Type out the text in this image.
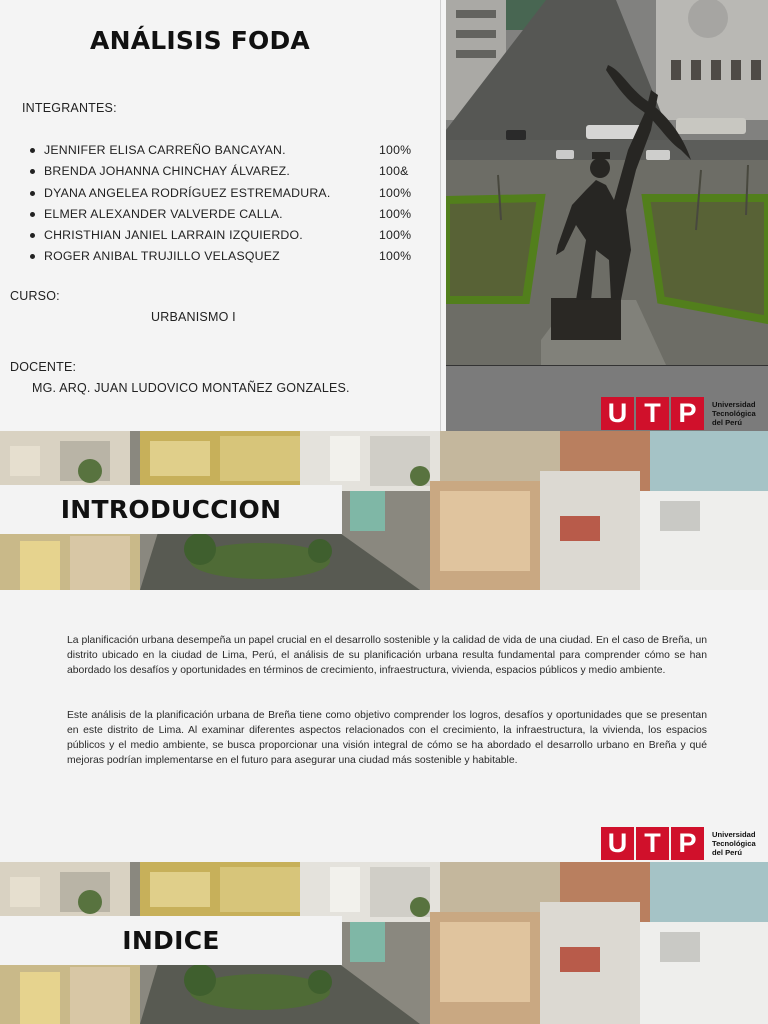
ANÁLISIS FODA
INTEGRANTES:
JENNIFER ELISA CARREÑO BANCAYAN.	100%
BRENDA JOHANNA CHINCHAY ÁLVAREZ.	100&
DYANA ANGELEA RODRÍGUEZ ESTREMADURA.	100%
ELMER ALEXANDER VALVERDE CALLA.	100%
CHRISTHIAN JANIEL LARRAIN IZQUIERDO.	100%
ROGER ANIBAL TRUJILLO VELASQUEZ	100%
CURSO:
URBANISMO I
DOCENTE:
MG. ARQ. JUAN LUDOVICO MONTAÑEZ GONZALES.
U T P	Universidad
Tecnológica
del Perú
INTRODUCCION

La planificación urbana desempeña un papel crucial en el desarrollo sostenible y la calidad de vida de una ciudad. En el caso de Breña, un distrito ubicado en la ciudad de Lima, Perú, el análisis de su planificación urbana resulta fundamental para comprender cómo se han abordado los desafíos y oportunidades en términos de crecimiento, infraestructura, vivienda, espacios públicos y medio ambiente.

Este análisis de la planificación urbana de Breña tiene como objetivo comprender los logros, desafíos y oportunidades que se presentan en este distrito de Lima. Al examinar diferentes aspectos relacionados con el crecimiento, la infraestructura, la vivienda, los espacios públicos y el medio ambiente, se busca proporcionar una visión integral de cómo se ha abordado el desarrollo urbano en Breña y qué mejoras podrían implementarse en el futuro para asegurar una ciudad más sostenible y habitable.

U T P	Universidad
Tecnológica
del Perú
INDICE
